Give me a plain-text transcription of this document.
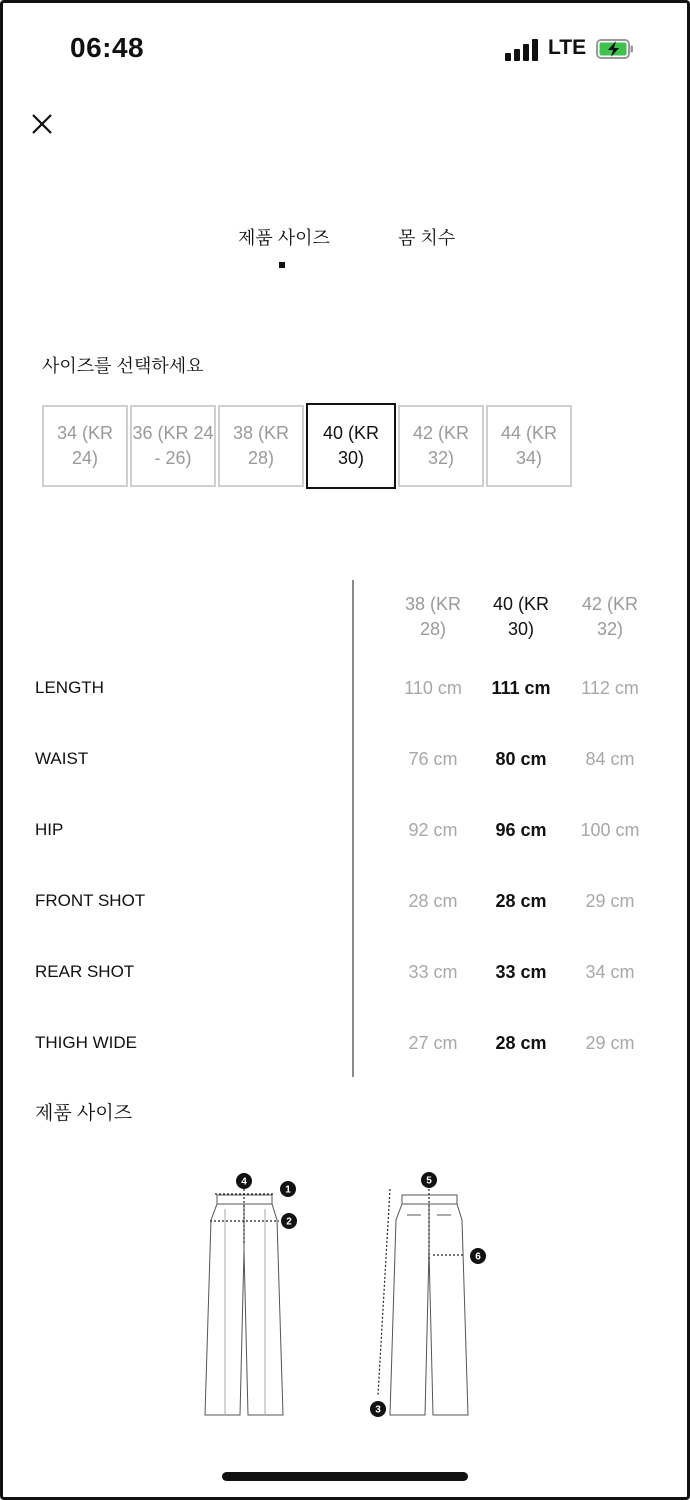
06:48	LTE
제품 사이즈	몸 치수
사이즈를 선택하세요
34 (KR
24)
36 (KR 24
- 26)
38 (KR
28)
40 (KR
30)
42 (KR
32)
44 (KR
34)
38 (KR
28)
40 (KR
30)
42 (KR
32)
LENGTH	110 cm	111 cm	112 cm
WAIST	76 cm	80 cm	84 cm
HIP	92 cm	96 cm	100 cm
FRONT SHOT	28 cm	28 cm	29 cm
REAR SHOT	33 cm	33 cm	34 cm
THIGH WIDE	27 cm	28 cm	29 cm
제품 사이즈
4
1
2
3
5
6
